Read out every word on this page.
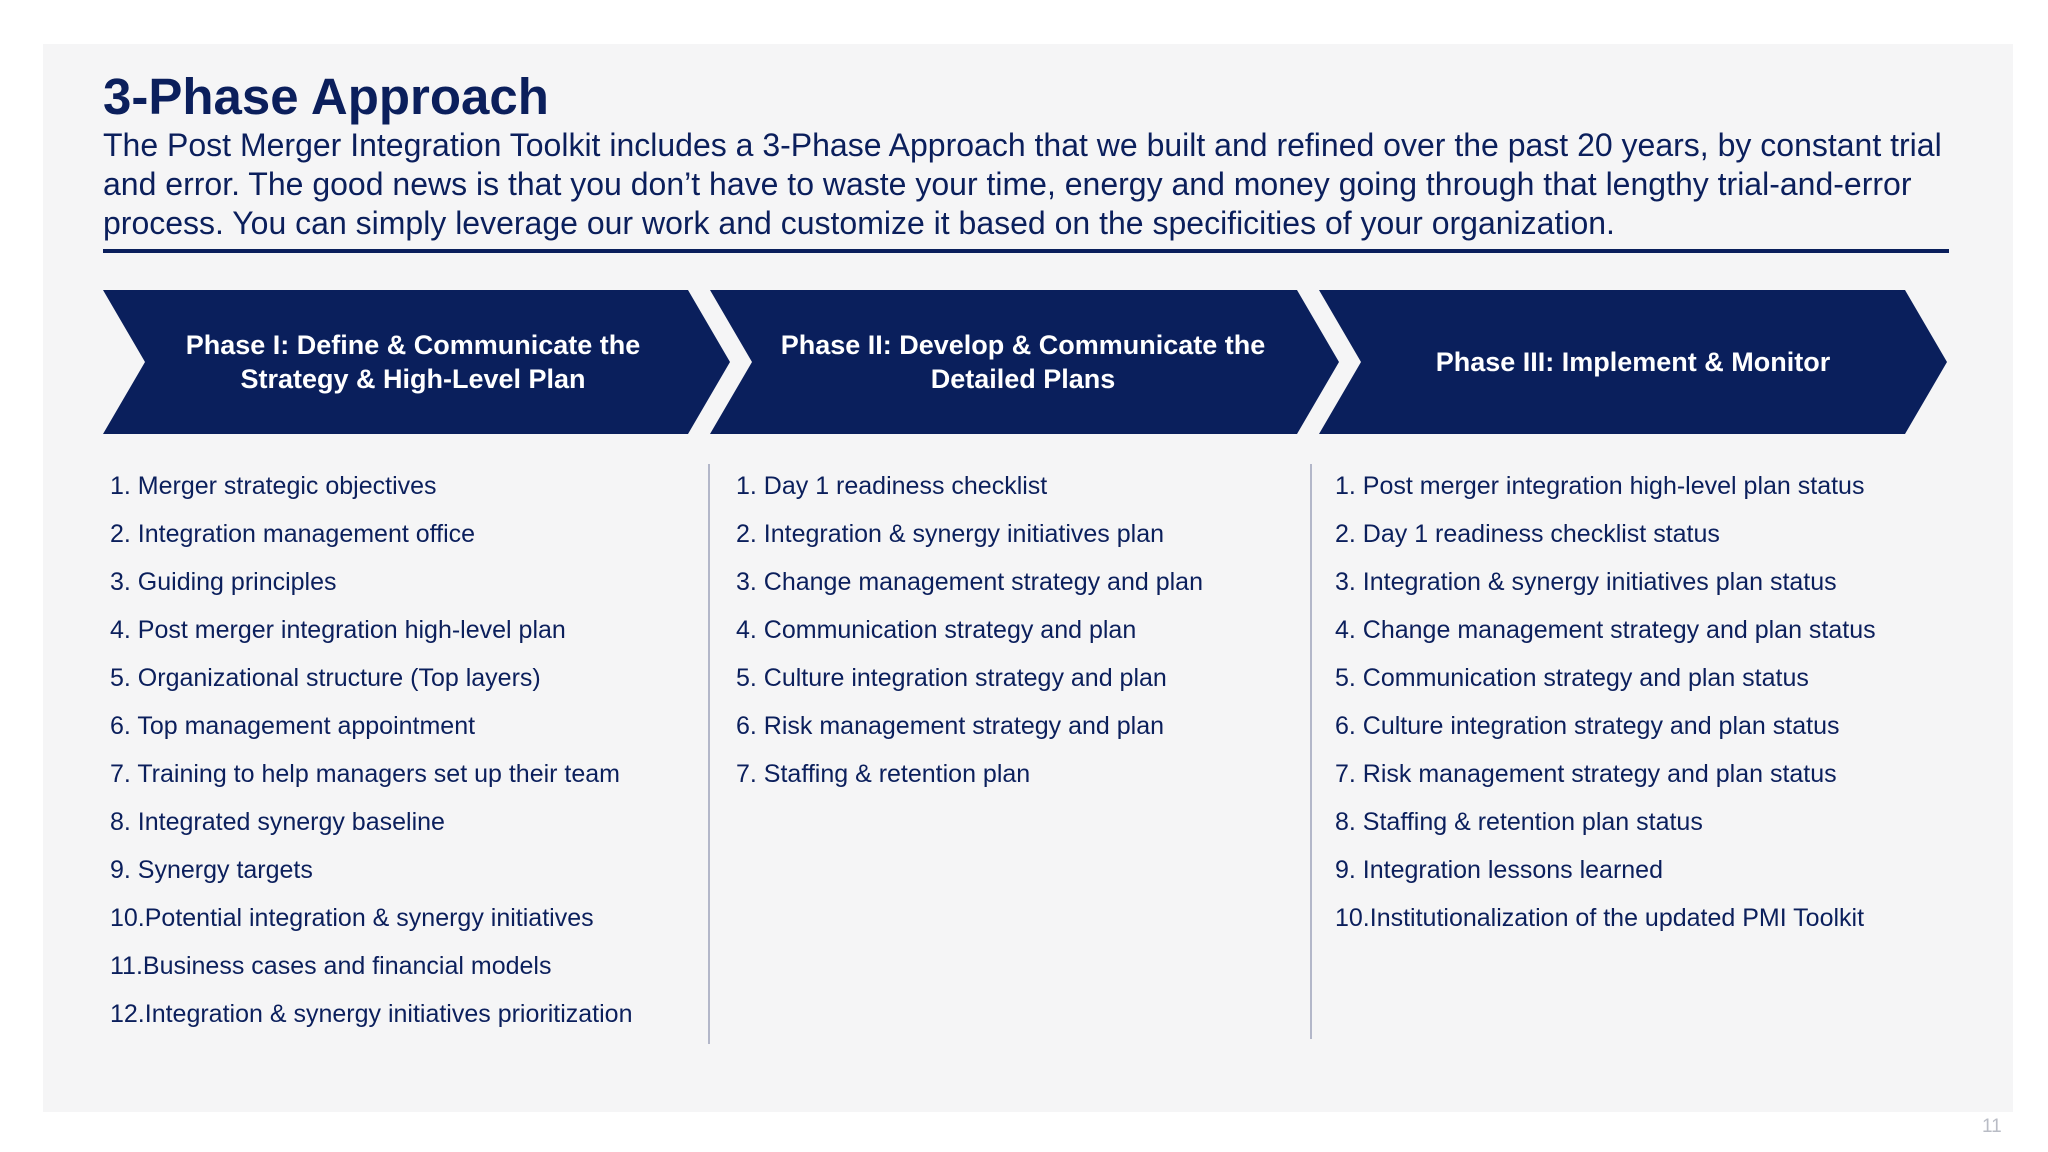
3-Phase Approach

The Post Merger Integration Toolkit includes a 3-Phase Approach that we built and refined over the past 20 years, by constant trial and error. The good news is that you don’t have to waste your time, energy and money going through that lengthy trial-and-error process. You can simply leverage our work and customize it based on the specificities of your organization.

Phase I: Define & Communicate the Strategy & High-Level Plan
Phase II: Develop & Communicate the Detailed Plans
Phase III: Implement & Monitor
1. Merger strategic objectives
2. Integration management office
3. Guiding principles
4. Post merger integration high-level plan
5. Organizational structure (Top layers)
6. Top management appointment
7. Training to help managers set up their team
8. Integrated synergy baseline
9. Synergy targets
10.Potential integration & synergy initiatives
11.Business cases and financial models
12.Integration & synergy initiatives prioritization
1. Day 1 readiness checklist
2. Integration & synergy initiatives plan
3. Change management strategy and plan
4. Communication strategy and plan
5. Culture integration strategy and plan
6. Risk management strategy and plan
7. Staffing & retention plan
1. Post merger integration high-level plan status
2. Day 1 readiness checklist status
3. Integration & synergy initiatives plan status
4. Change management strategy and plan status
5. Communication strategy and plan status
6. Culture integration strategy and plan status
7. Risk management strategy and plan status
8. Staffing & retention plan status
9. Integration lessons learned
10.Institutionalization of the updated PMI Toolkit
11
